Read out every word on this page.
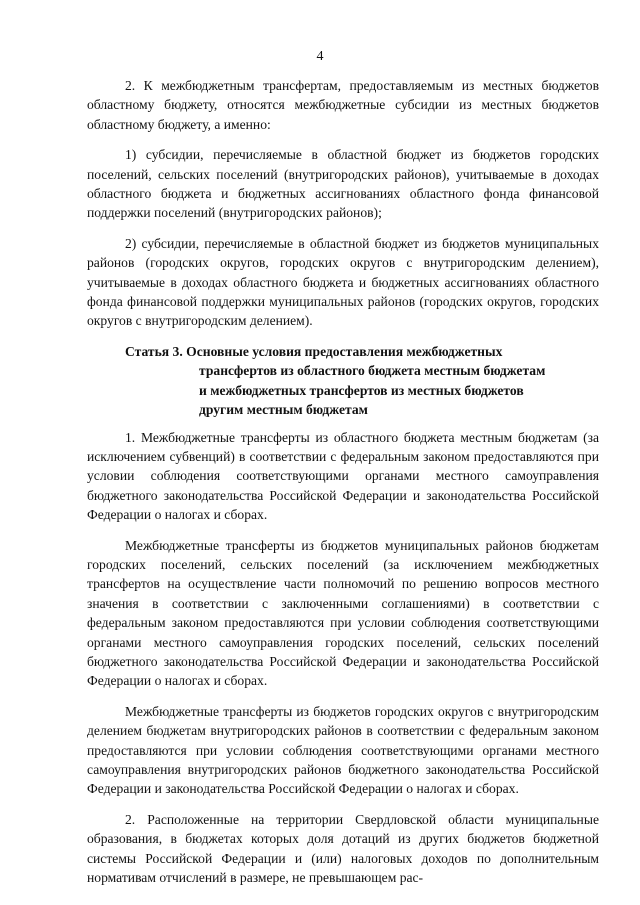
4

2. К межбюджетным трансфертам, предоставляемым из местных бюджетов областному бюджету, относятся межбюджетные субсидии из местных бюджетов областному бюджету, а именно:

1) субсидии, перечисляемые в областной бюджет из бюджетов городских поселений, сельских поселений (внутригородских районов), учитываемые в доходах областного бюджета и бюджетных ассигнованиях областного фонда финансовой поддержки поселений (внутригородских районов);

2) субсидии, перечисляемые в областной бюджет из бюджетов муниципальных районов (городских округов, городских округов с внутригородским делением), учитываемые в доходах областного бюджета и бюджетных ассигнованиях областного фонда финансовой поддержки муниципальных районов (городских округов, городских округов с внутригородским делением).

Статья 3. Основные условия предоставления межбюджетных
трансфертов из областного бюджета местным бюджетам
и межбюджетных трансфертов из местных бюджетов
другим местным бюджетам

1. Межбюджетные трансферты из областного бюджета местным бюджетам (за исключением субвенций) в соответствии с федеральным законом предоставляются при условии соблюдения соответствующими органами местного самоуправления бюджетного законодательства Российской Федерации и законодательства Российской Федерации о налогах и сборах.

Межбюджетные трансферты из бюджетов муниципальных районов бюджетам городских поселений, сельских поселений (за исключением межбюджетных трансфертов на осуществление части полномочий по решению вопросов местного значения в соответствии с заключенными соглашениями) в соответствии с федеральным законом предоставляются при условии соблюдения соответствующими органами местного самоуправления городских поселений, сельских поселений бюджетного законодательства Российской Федерации и законодательства Российской Федерации о налогах и сборах.

Межбюджетные трансферты из бюджетов городских округов с внутригородским делением бюджетам внутригородских районов в соответствии с федеральным законом предоставляются при условии соблюдения соответствующими органами местного самоуправления внутригородских районов бюджетного законодательства Российской Федерации и законодательства Российской Федерации о налогах и сборах.

2. Расположенные на территории Свердловской области муниципальные образования, в бюджетах которых доля дотаций из других бюджетов бюджетной системы Российской Федерации и (или) налоговых доходов по дополнительным нормативам отчислений в размере, не превышающем рас-
